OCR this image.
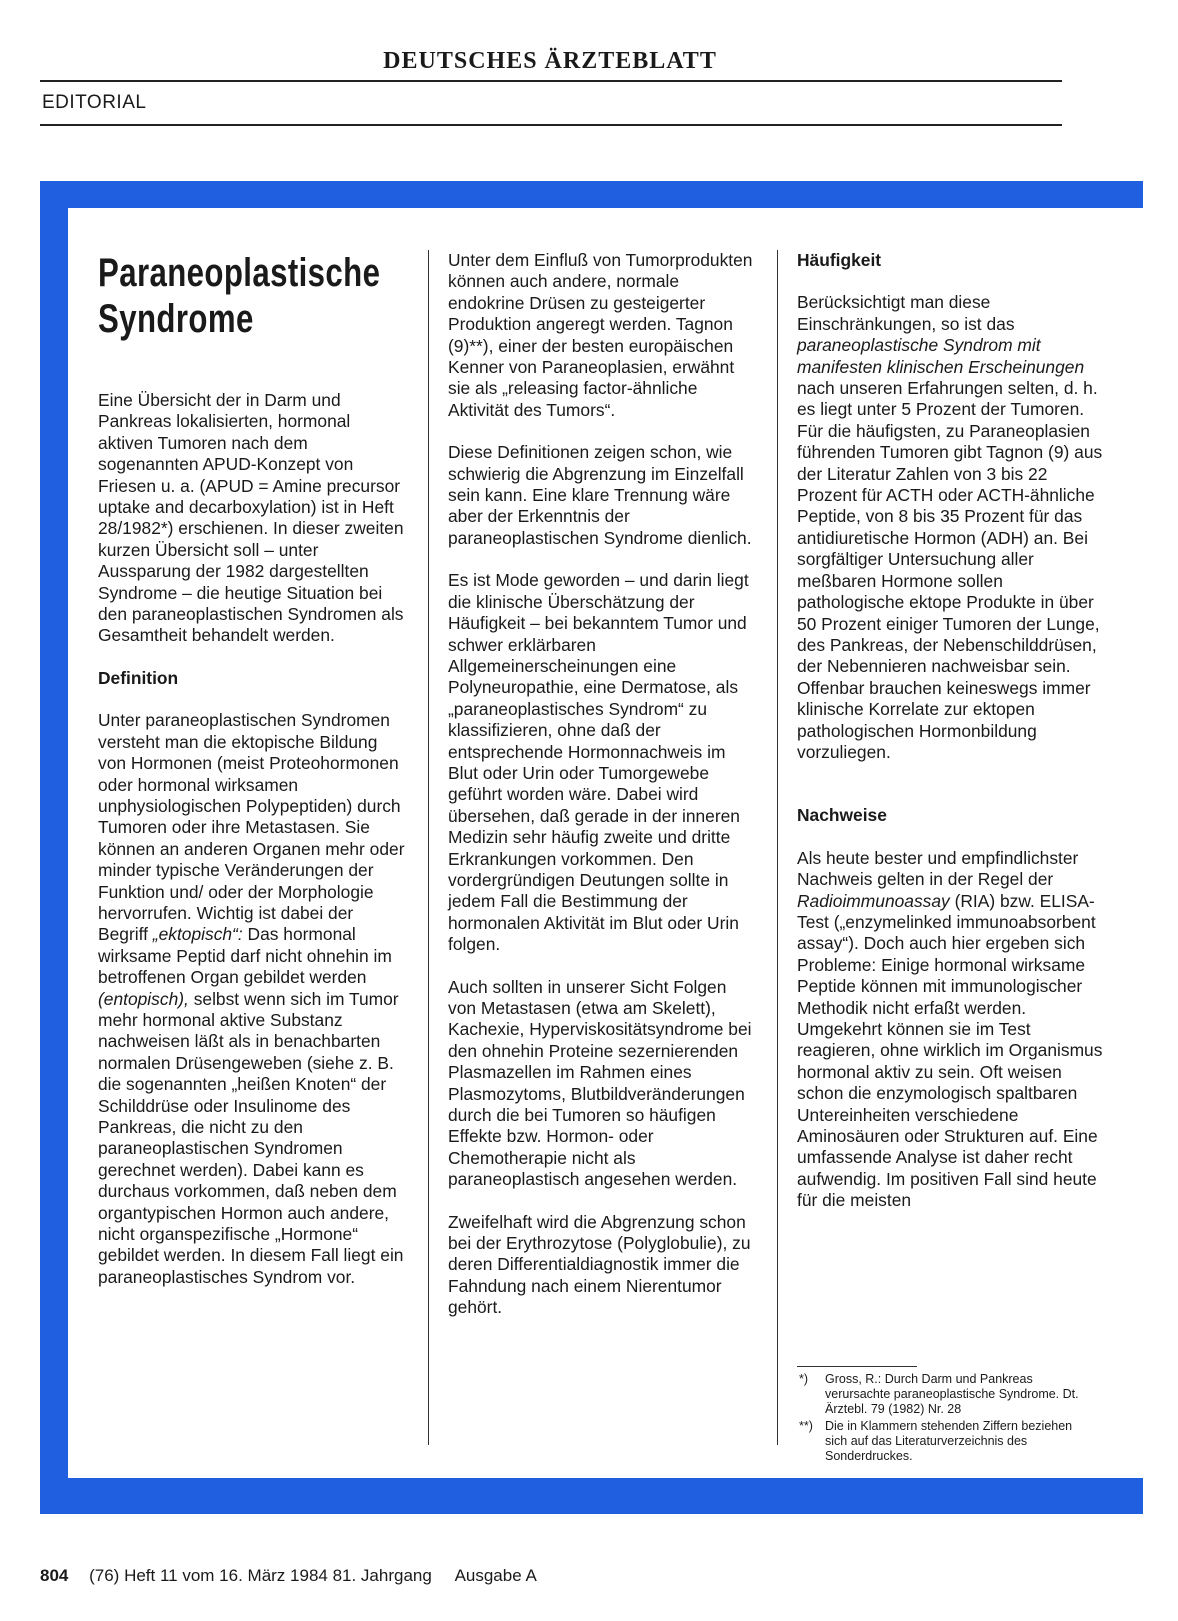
DEUTSCHES ÄRZTEBLATT
EDITORIAL
Paraneoplastische
Syndrome

Eine Übersicht der in Darm und Pankreas lokalisierten, hormonal aktiven Tumoren nach dem sogenannten APUD-Konzept von Friesen u. a. (APUD = Amine precursor uptake and decarboxylation) ist in Heft 28/1982*) erschienen. In dieser zweiten kurzen Übersicht soll – unter Aussparung der 1982 dargestellten Syndrome – die heutige Situation bei den paraneoplastischen Syndromen als Gesamtheit behandelt werden.

Definition

Unter paraneoplastischen Syndromen versteht man die ektopische Bildung von Hormonen (meist Proteohormonen oder hormonal wirksamen unphysiologischen Polypeptiden) durch Tumoren oder ihre Metastasen. Sie können an anderen Organen mehr oder minder typische Veränderungen der Funktion und/ oder der Morphologie hervorrufen. Wichtig ist dabei der Begriff „ektopisch“: Das hormonal wirksame Peptid darf nicht ohnehin im betroffenen Organ gebildet werden (entopisch), selbst wenn sich im Tumor mehr hormonal aktive Substanz nachweisen läßt als in benachbarten normalen Drüsengeweben (siehe z. B. die sogenannten „heißen Knoten“ der Schilddrüse oder Insulinome des Pankreas, die nicht zu den paraneoplastischen Syndromen gerechnet werden). Dabei kann es durchaus vorkommen, daß neben dem organtypischen Hormon auch andere, nicht organspezifische „Hormone“ gebildet werden. In diesem Fall liegt ein paraneoplastisches Syndrom vor.

Unter dem Einfluß von Tumorprodukten können auch andere, normale endokrine Drüsen zu gesteigerter Produktion angeregt werden. Tagnon (9)**), einer der besten europäischen Kenner von Paraneoplasien, erwähnt sie als „releasing factor-ähnliche Aktivität des Tumors“.

Diese Definitionen zeigen schon, wie schwierig die Abgrenzung im Einzelfall sein kann. Eine klare Trennung wäre aber der Erkenntnis der paraneoplastischen Syndrome dienlich.

Es ist Mode geworden – und darin liegt die klinische Überschätzung der Häufigkeit – bei bekanntem Tumor und schwer erklärbaren Allgemeinerscheinungen eine Polyneuropathie, eine Dermatose, als „paraneoplastisches Syndrom“ zu klassifizieren, ohne daß der entsprechende Hormonnachweis im Blut oder Urin oder Tumorgewebe geführt worden wäre. Dabei wird übersehen, daß gerade in der inneren Medizin sehr häufig zweite und dritte Erkrankungen vorkommen. Den vordergründigen Deutungen sollte in jedem Fall die Bestimmung der hormonalen Aktivität im Blut oder Urin folgen.

Auch sollten in unserer Sicht Folgen von Metastasen (etwa am Skelett), Kachexie, Hyperviskositätsyndrome bei den ohnehin Proteine sezernierenden Plasmazellen im Rahmen eines Plasmozytoms, Blutbildveränderungen durch die bei Tumoren so häufigen Effekte bzw. Hormon- oder Chemotherapie nicht als paraneoplastisch angesehen werden.

Zweifelhaft wird die Abgrenzung schon bei der Erythrozytose (Polyglobulie), zu deren Differentialdiagnostik immer die Fahndung nach einem Nierentumor gehört.

Häufigkeit

Berücksichtigt man diese Einschränkungen, so ist das paraneoplastische Syndrom mit manifesten klinischen Erscheinungen nach unseren Erfahrungen selten, d. h. es liegt unter 5 Prozent der Tumoren. Für die häufigsten, zu Paraneoplasien führenden Tumoren gibt Tagnon (9) aus der Literatur Zahlen von 3 bis 22 Prozent für ACTH oder ACTH-ähnliche Peptide, von 8 bis 35 Prozent für das antidiuretische Hormon (ADH) an. Bei sorgfältiger Untersuchung aller meßbaren Hormone sollen pathologische ektope Produkte in über 50 Prozent einiger Tumoren der Lunge, des Pankreas, der Nebenschilddrüsen, der Nebennieren nachweisbar sein. Offenbar brauchen keineswegs immer klinische Korrelate zur ektopen pathologischen Hormonbildung vorzuliegen.

Nachweise

Als heute bester und empfindlichster Nachweis gelten in der Regel der Radioimmunoassay (RIA) bzw. ELISA-Test („enzymelinked immunoabsorbent assay“). Doch auch hier ergeben sich Probleme: Einige hormonal wirksame Peptide können mit immunologischer Methodik nicht erfaßt werden. Umgekehrt können sie im Test reagieren, ohne wirklich im Organismus hormonal aktiv zu sein. Oft weisen schon die enzymologisch spaltbaren Untereinheiten verschiedene Aminosäuren oder Strukturen auf. Eine umfassende Analyse ist daher recht aufwendig. Im positiven Fall sind heute für die meisten

*) Gross, R.: Durch Darm und Pankreas verursachte paraneoplastische Syndrome. Dt. Ärztebl. 79 (1982) Nr. 28
**) Die in Klammern stehenden Ziffern beziehen sich auf das Literaturverzeichnis des Sonderdruckes.
804 (76) Heft 11 vom 16. März 1984 81. Jahrgang Ausgabe A
